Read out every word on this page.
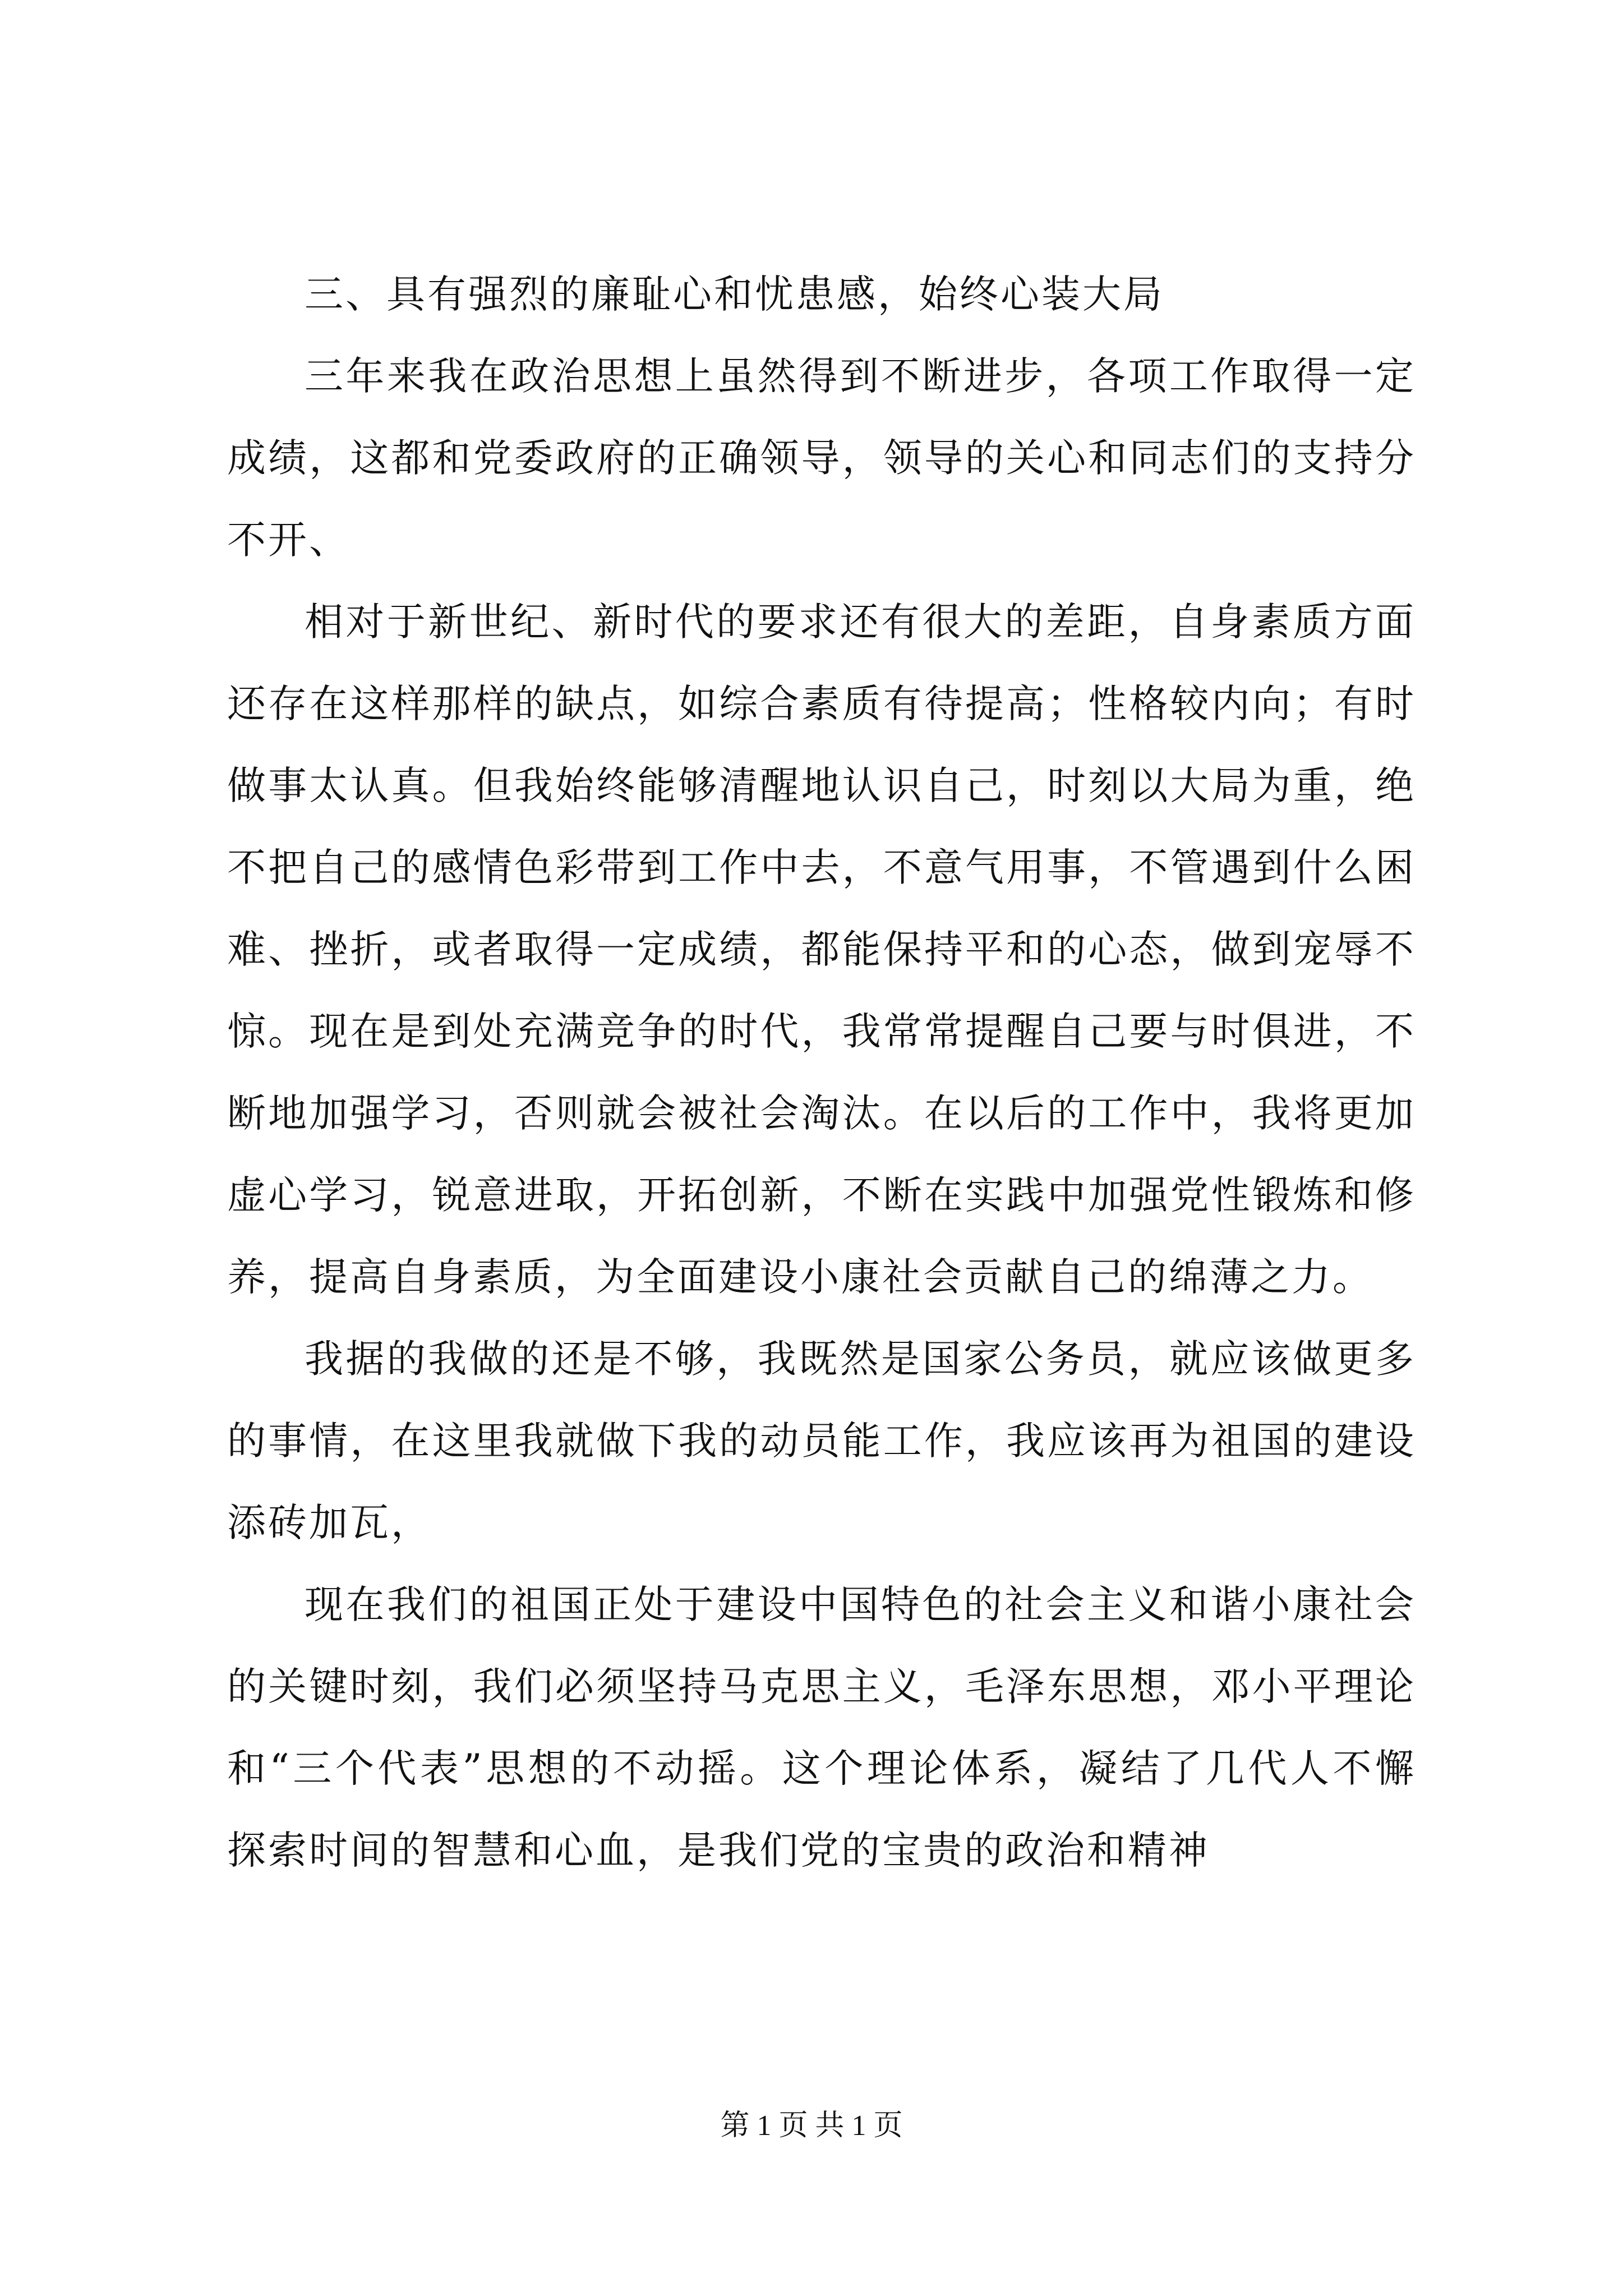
三、具有强烈的廉耻心和忧患感，始终心装大局

三年来我在政治思想上虽然得到不断进步，各项工作取得一定成绩，这都和党委政府的正确领导，领导的关心和同志们的支持分不开、

相对于新世纪、新时代的要求还有很大的差距，自身素质方面还存在这样那样的缺点，如综合素质有待提高；性格较内向；有时做事太认真。但我始终能够清醒地认识自己，时刻以大局为重，绝不把自己的感情色彩带到工作中去，不意气用事，不管遇到什么困难、挫折，或者取得一定成绩，都能保持平和的心态，做到宠辱不惊。现在是到处充满竞争的时代，我常常提醒自己要与时俱进，不断地加强学习，否则就会被社会淘汰。在以后的工作中，我将更加虚心学习，锐意进取，开拓创新，不断在实践中加强党性锻炼和修养，提高自身素质，为全面建设小康社会贡献自己的绵薄之力。

我据的我做的还是不够，我既然是国家公务员，就应该做更多的事情，在这里我就做下我的动员能工作，我应该再为祖国的建设添砖加瓦，

现在我们的祖国正处于建设中国特色的社会主义和谐小康社会的关键时刻，我们必须坚持马克思主义，毛泽东思想，邓小平理论和“三个代表”思想的不动摇。这个理论体系，凝结了几代人不懈探索时间的智慧和心血，是我们党的宝贵的政治和精神

第 1 页 共 1 页
